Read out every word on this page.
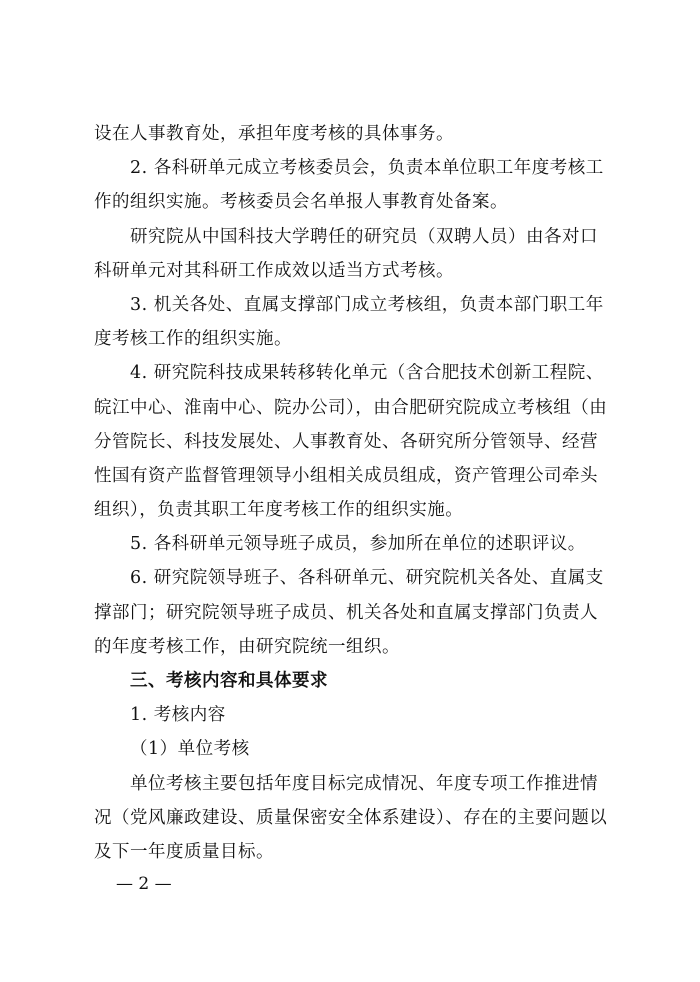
设在人事教育处，承担年度考核的具体事务。
2. 各科研单元成立考核委员会，负责本单位职工年度考核工
作的组织实施。考核委员会名单报人事教育处备案。
研究院从中国科技大学聘任的研究员（双聘人员）由各对口
科研单元对其科研工作成效以适当方式考核。
3. 机关各处、直属支撑部门成立考核组，负责本部门职工年
度考核工作的组织实施。
4. 研究院科技成果转移转化单元（含合肥技术创新工程院、
皖江中心、淮南中心、院办公司），由合肥研究院成立考核组（由
分管院长、科技发展处、人事教育处、各研究所分管领导、经营
性国有资产监督管理领导小组相关成员组成，资产管理公司牵头
组织），负责其职工年度考核工作的组织实施。
5. 各科研单元领导班子成员，参加所在单位的述职评议。
6. 研究院领导班子、各科研单元、研究院机关各处、直属支
撑部门；研究院领导班子成员、机关各处和直属支撑部门负责人
的年度考核工作，由研究院统一组织。
三、考核内容和具体要求
1. 考核内容
（1）单位考核
单位考核主要包括年度目标完成情况、年度专项工作推进情
况（党风廉政建设、质量保密安全体系建设）、存在的主要问题以
及下一年度质量目标。
— 2 —
